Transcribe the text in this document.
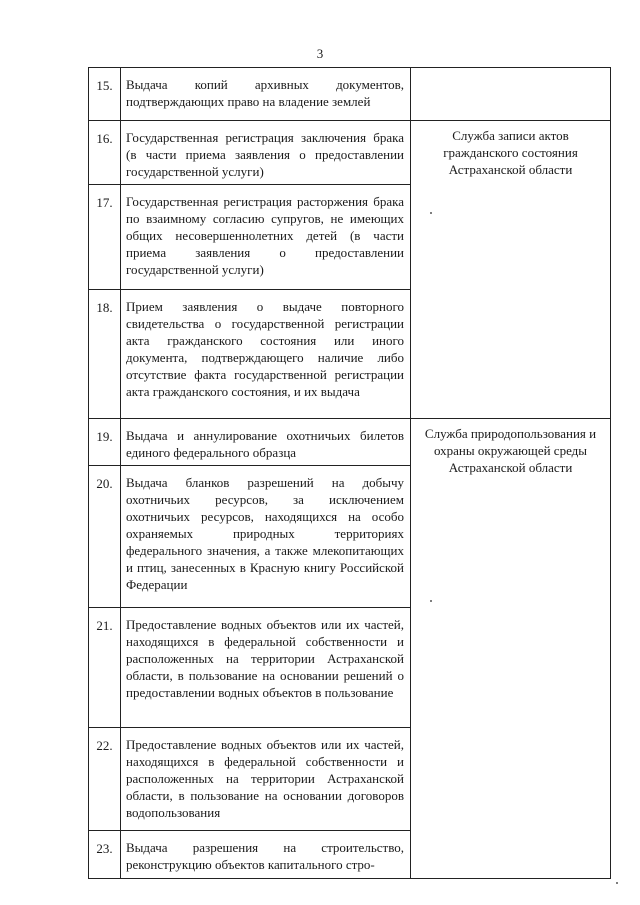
3
15.	Выдача копий архивных документов, подтверждающих право на владение землей	
16.	Государственная регистрация заключения брака (в части приема заявления о предоставлении государственной услуги)	Служба записи актов гражданского состояния Астраханской области
17.	Государственная регистрация расторжения брака по взаимному согласию супругов, не имеющих общих несовершеннолетних детей (в части приема заявления о предоставлении государственной услуги)	
18.	Прием заявления о выдаче повторного свидетельства о государственной регистрации акта гражданского состояния или иного документа, подтверждающего наличие либо отсутствие факта государственной регистрации акта гражданского состояния, и их выдача	
19.	Выдача и аннулирование охотничьих билетов единого федерального образца	Служба природопользования и охраны окружающей среды Астраханской области
20.	Выдача бланков разрешений на добычу охотничьих ресурсов, за исключением охотничьих ресурсов, находящихся на особо охраняемых природных территориях федерального значения, а также млекопитающих и птиц, занесенных в Красную книгу Российской Федерации	
21.	Предоставление водных объектов или их частей, находящихся в федеральной собственности и расположенных на территории Астраханской области, в пользование на основании решений о предоставлении водных объектов в пользование	
22.	Предоставление водных объектов или их частей, находящихся в федеральной собственности и расположенных на территории Астраханской области, в пользование на основании договоров водопользования	
23.	Выдача разрешения на строительство, реконструкцию объектов капитального стро-	
